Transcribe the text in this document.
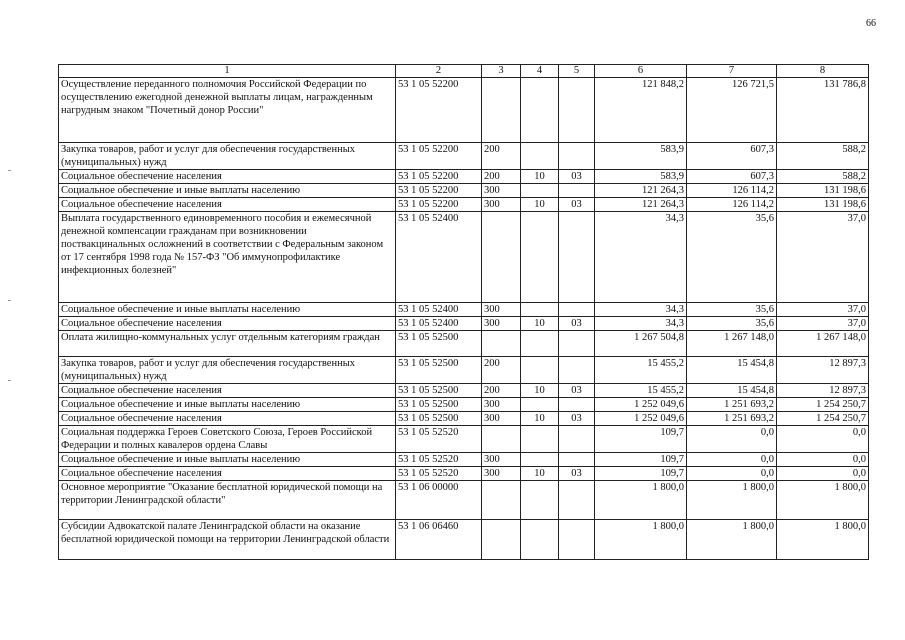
66
1	2	3	4	5	6	7	8
Осуществление переданного полномочия Российской Федерации по осуществлению ежегодной денежной выплаты лицам, награжденным нагрудным знаком "Почетный донор России"	53 1 05 52200				121 848,2	126 721,5	131 786,8
Закупка товаров, работ и услуг для обеспечения государственных (муниципальных) нужд	53 1 05 52200	200			583,9	607,3	588,2
Социальное обеспечение населения	53 1 05 52200	200	10	03	583,9	607,3	588,2
Социальное обеспечение и иные выплаты населению	53 1 05 52200	300			121 264,3	126 114,2	131 198,6
Социальное обеспечение населения	53 1 05 52200	300	10	03	121 264,3	126 114,2	131 198,6
Выплата государственного единовременного пособия и ежемесячной денежной компенсации гражданам при возникновении поствакцинальных осложнений в соответствии с Федеральным законом от 17 сентября 1998 года № 157-ФЗ "Об иммунопрофилактике инфекционных болезней"	53 1 05 52400				34,3	35,6	37,0
Социальное обеспечение и иные выплаты населению	53 1 05 52400	300			34,3	35,6	37,0
Социальное обеспечение населения	53 1 05 52400	300	10	03	34,3	35,6	37,0
Оплата жилищно-коммунальных услуг отдельным категориям граждан	53 1 05 52500				1 267 504,8	1 267 148,0	1 267 148,0
Закупка товаров, работ и услуг для обеспечения государственных (муниципальных) нужд	53 1 05 52500	200			15 455,2	15 454,8	12 897,3
Социальное обеспечение населения	53 1 05 52500	200	10	03	15 455,2	15 454,8	12 897,3
Социальное обеспечение и иные выплаты населению	53 1 05 52500	300			1 252 049,6	1 251 693,2	1 254 250,7
Социальное обеспечение населения	53 1 05 52500	300	10	03	1 252 049,6	1 251 693,2	1 254 250,7
Социальная поддержка Героев Советского Союза, Героев Российской Федерации и полных кавалеров ордена Славы	53 1 05 52520				109,7	0,0	0,0
Социальное обеспечение и иные выплаты населению	53 1 05 52520	300			109,7	0,0	0,0
Социальное обеспечение населения	53 1 05 52520	300	10	03	109,7	0,0	0,0
Основное мероприятие "Оказание бесплатной юридической помощи на территории Ленинградской области"	53 1 06 00000				1 800,0	1 800,0	1 800,0
Субсидии Адвокатской палате Ленинградской области на оказание бесплатной юридической помощи на территории Ленинградской области	53 1 06 06460				1 800,0	1 800,0	1 800,0
